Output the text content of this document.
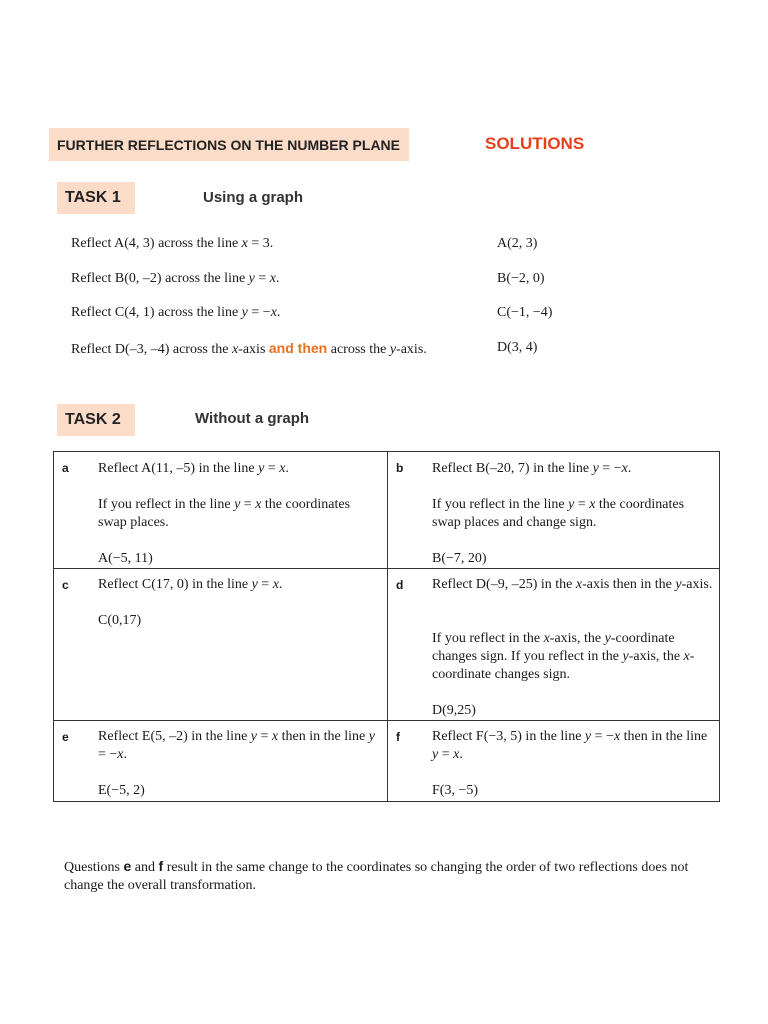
FURTHER REFLECTIONS ON THE NUMBER PLANE	SOLUTIONS
TASK 1	Using a graph
Reflect A(4, 3) across the line x = 3.	A(2, 3)
Reflect B(0, –2) across the line y = x.	B(−2, 0)
Reflect C(4, 1) across the line y = −x.	C(−1, −4)
Reflect D(–3, –4) across the x-axis and then across the y-axis.	D(3, 4)
TASK 2	Without a graph
a Reflect A(11, –5) in the line y = x.
If you reflect in the line y = x the coordinates swap places.
A(−5, 11)
b Reflect B(–20, 7) in the line y = −x.
If you reflect in the line y = x the coordinates swap places and change sign.
B(−7, 20)
c Reflect C(17, 0) in the line y = x.
C(0,17)
d Reflect D(–9, –25) in the x-axis then in the y-axis.
If you reflect in the x-axis, the y-coordinate changes sign. If you reflect in the y-axis, the x-coordinate changes sign.
D(9,25)
e Reflect E(5, –2) in the line y = x then in the line y = −x.
E(−5, 2)
f Reflect F(−3, 5) in the line y = −x then in the line y = x.
F(3, −5)
Questions e and f result in the same change to the coordinates so changing the order of two reflections does not change the overall transformation.
